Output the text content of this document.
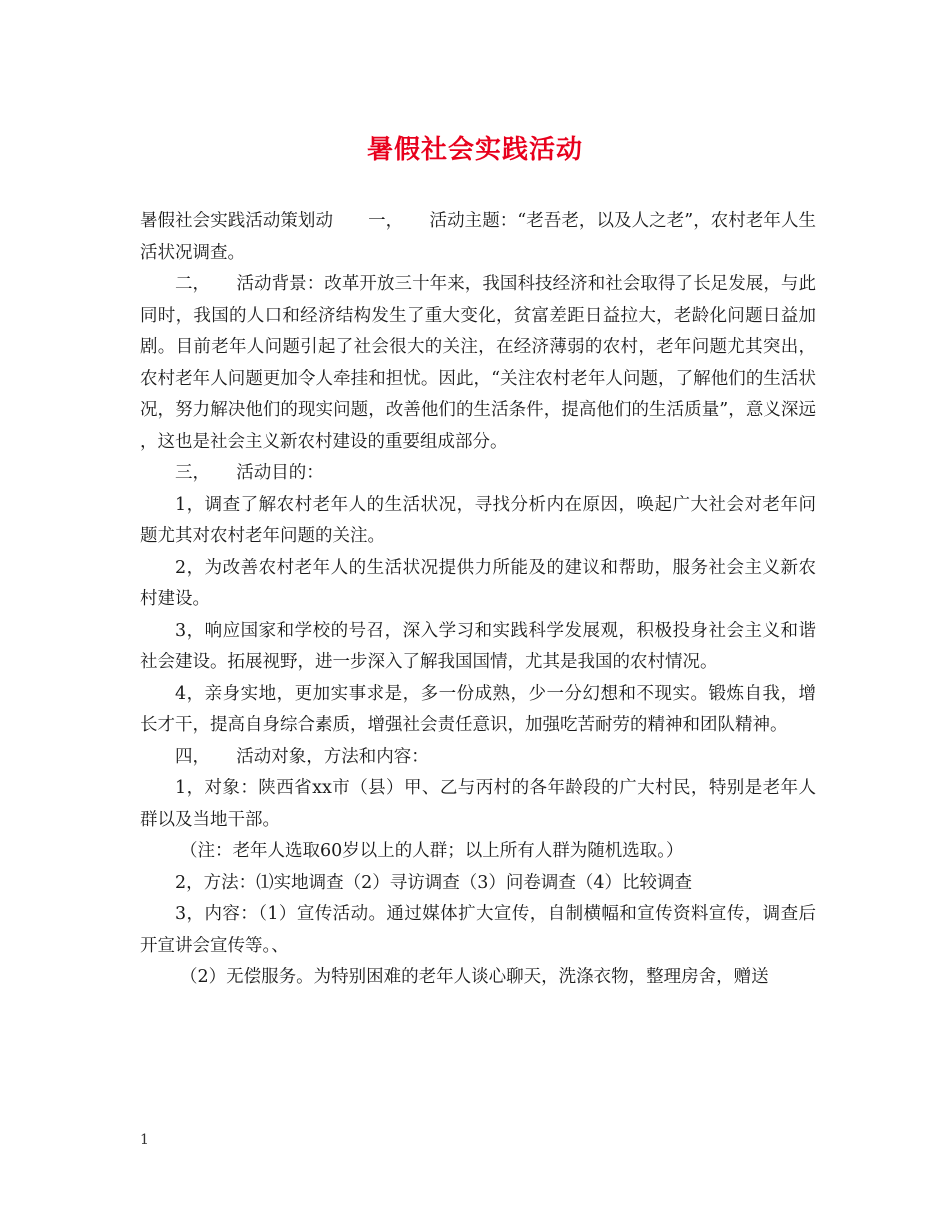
暑假社会实践活动

暑假社会实践活动策划动　　一，　　活动主题：“老吾老，以及人之老”，农村老年人生活状况调查。

二，　　活动背景：改革开放三十年来，我国科技经济和社会取得了长足发展，与此同时，我国的人口和经济结构发生了重大变化，贫富差距日益拉大，老龄化问题日益加剧。目前老年人问题引起了社会很大的关注，在经济薄弱的农村，老年问题尤其突出，农村老年人问题更加令人牵挂和担忧。因此，“关注农村老年人问题，了解他们的生活状况，努力解决他们的现实问题，改善他们的生活条件，提高他们的生活质量”，意义深远 ，这也是社会主义新农村建设的重要组成部分。

三，　　活动目的：

1，调查了解农村老年人的生活状况，寻找分析内在原因，唤起广大社会对老年问题尤其对农村老年问题的关注。

2，为改善农村老年人的生活状况提供力所能及的建议和帮助，服务社会主义新农村建设。

3，响应国家和学校的号召，深入学习和实践科学发展观，积极投身社会主义和谐社会建设。拓展视野，进一步深入了解我国国情，尤其是我国的农村情况。

4，亲身实地，更加实事求是，多一份成熟，少一分幻想和不现实。锻炼自我，增长才干，提高自身综合素质，增强社会责任意识，加强吃苦耐劳的精神和团队精神。

四，　　活动对象，方法和内容：

1，对象：陕西省xx市（县）甲、乙与丙村的各年龄段的广大村民，特别是老年人群以及当地干部。

（注：老年人选取60岁以上的人群；以上所有人群为随机选取。）

2，方法：⑴实地调查（2）寻访调查（3）问卷调查（4）比较调查

3，内容：（1）宣传活动。通过媒体扩大宣传，自制横幅和宣传资料宣传，调查后开宣讲会宣传等。、

（2）无偿服务。为特别困难的老年人谈心聊天，洗涤衣物，整理房舍，赠送

1
